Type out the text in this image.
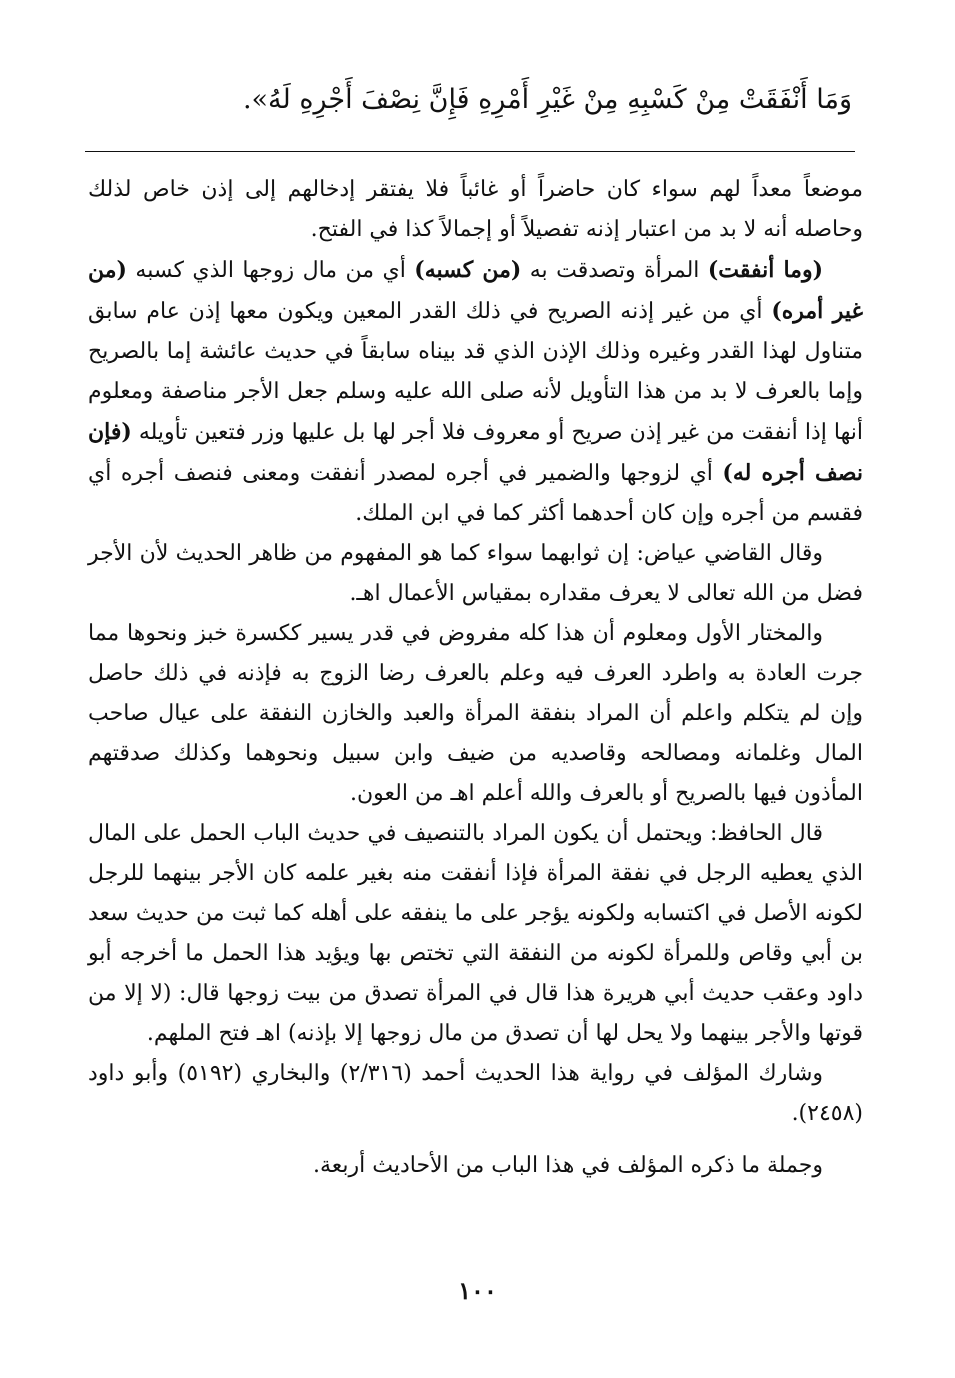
وَمَا أَنْفَقَتْ مِنْ كَسْبِهِ مِنْ غَيْرِ أَمْرِهِ فَإِنَّ نِصْفَ أَجْرِهِ لَهُ».

موضعاً معداً لهم سواء كان حاضراً أو غائباً فلا يفتقر إدخالهم إلى إذن خاص لذلك وحاصله أنه لا بد من اعتبار إذنه تفصيلاً أو إجمالاً كذا في الفتح.

(وما أنفقت) المرأة وتصدقت به (من كسبه) أي من مال زوجها الذي كسبه (من غير أمره) أي من غير إذنه الصريح في ذلك القدر المعين ويكون معها إذن عام سابق متناول لهذا القدر وغيره وذلك الإذن الذي قد بيناه سابقاً في حديث عائشة إما بالصريح وإما بالعرف لا بد من هذا التأويل لأنه صلى الله عليه وسلم جعل الأجر مناصفة ومعلوم أنها إذا أنفقت من غير إذن صريح أو معروف فلا أجر لها بل عليها وزر فتعين تأويله (فإن نصف أجره له) أي لزوجها والضمير في أجره لمصدر أنفقت ومعنى فنصف أجره أي فقسم من أجره وإن كان أحدهما أكثر كما في ابن الملك.

وقال القاضي عياض: إن ثوابهما سواء كما هو المفهوم من ظاهر الحديث لأن الأجر فضل من الله تعالى لا يعرف مقداره بمقياس الأعمال اهـ.

والمختار الأول ومعلوم أن هذا كله مفروض في قدر يسير ككسرة خبز ونحوها مما جرت العادة به واطرد العرف فيه وعلم بالعرف رضا الزوج به فإذنه في ذلك حاصل وإن لم يتكلم واعلم أن المراد بنفقة المرأة والعبد والخازن النفقة على عيال صاحب المال وغلمانه ومصالحه وقاصديه من ضيف وابن سبيل ونحوهما وكذلك صدقتهم المأذون فيها بالصريح أو بالعرف والله أعلم اهـ من العون.

قال الحافظ: ويحتمل أن يكون المراد بالتنصيف في حديث الباب الحمل على المال الذي يعطيه الرجل في نفقة المرأة فإذا أنفقت منه بغير علمه كان الأجر بينهما للرجل لكونه الأصل في اكتسابه ولكونه يؤجر على ما ينفقه على أهله كما ثبت من حديث سعد بن أبي وقاص وللمرأة لكونه من النفقة التي تختص بها ويؤيد هذا الحمل ما أخرجه أبو داود وعقب حديث أبي هريرة هذا قال في المرأة تصدق من بيت زوجها قال: (لا إلا من قوتها والأجر بينهما ولا يحل لها أن تصدق من مال زوجها إلا بإذنه) اهـ فتح الملهم.

وشارك المؤلف في رواية هذا الحديث أحمد (٢/٣١٦) والبخاري (٥١٩٢) وأبو داود (٢٤٥٨).

وجملة ما ذكره المؤلف في هذا الباب من الأحاديث أربعة.

١٠٠
